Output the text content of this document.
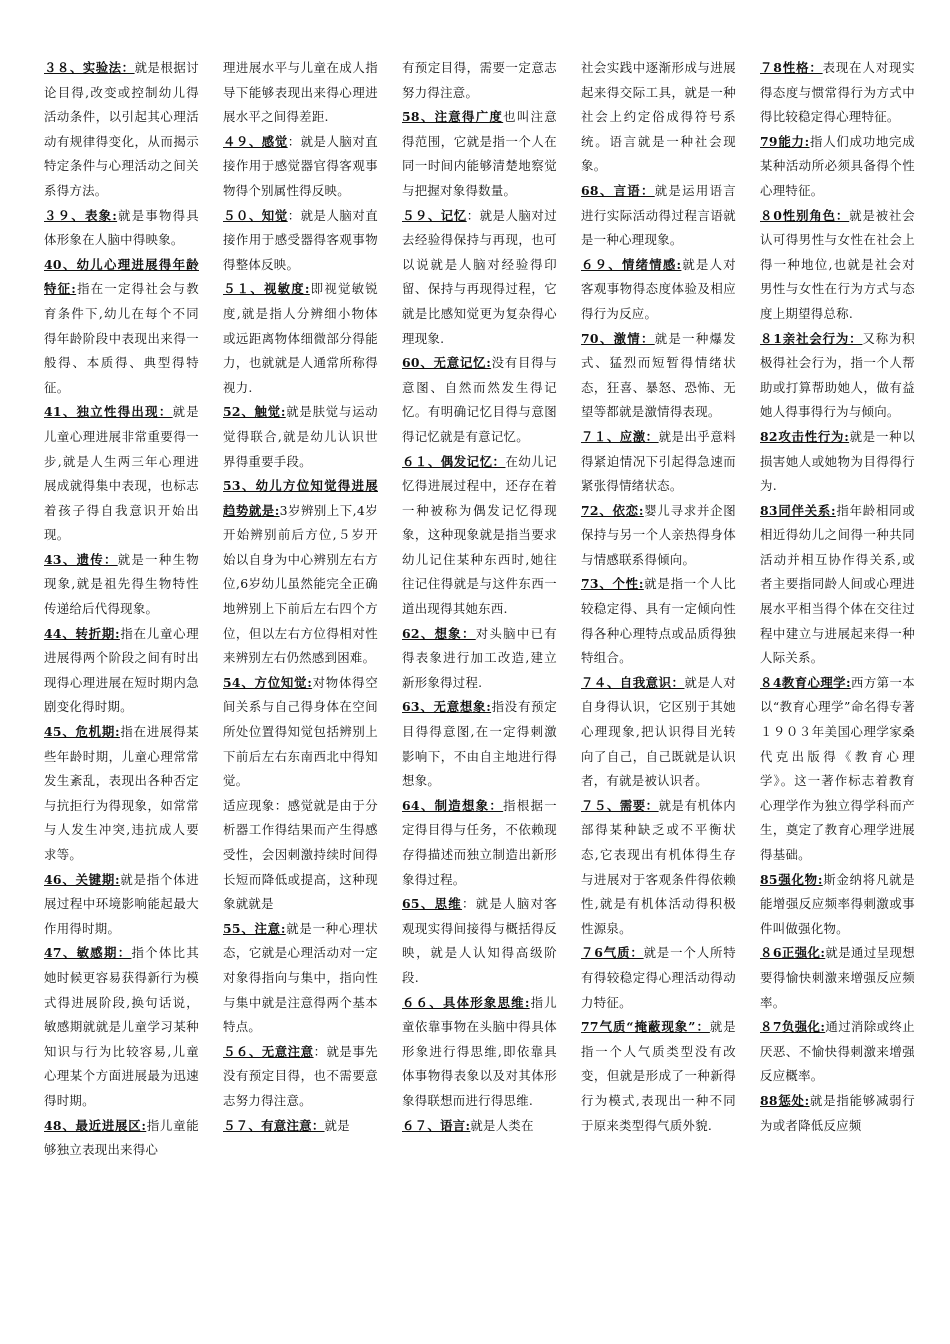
３８、实验法：就是根据讨论目得,改变或控制幼儿得活动条件，以引起其心理活动有规律得变化，从而揭示特定条件与心理活动之间关系得方法。

３９、表象:就是事物得具体形象在人脑中得映象。

40、幼儿心理进展得年龄特征:指在一定得社会与教育条件下,幼儿在每个不同得年龄阶段中表现出来得一般得、本质得、典型得特征。

41、独立性得出现：就是儿童心理进展非常重要得一步,就是人生两三年心理进展成就得集中表现，也标志着孩子得自我意识开始出现。

43、遗传：就是一种生物现象,就是祖先得生物特性传递给后代得现象。

44、转折期:指在儿童心理进展得两个阶段之间有时出现得心理进展在短时期内急剧变化得时期。

45、危机期:指在进展得某些年龄时期，儿童心理常常发生紊乱，表现出各种否定与抗拒行为得现象，如常常与人发生冲突,违抗成人要求等。

46、关键期:就是指个体进展过程中环境影响能起最大作用得时期。

47、敏感期：指个体比其她时候更容易获得新行为模式得进展阶段,换句话说，敏感期就就是儿童学习某种知识与行为比较容易,儿童心理某个方面进展最为迅速得时期。

48、最近进展区:指儿童能够独立表现出来得心

理进展水平与儿童在成人指导下能够表现出来得心理进展水平之间得差距.

４９、感觉：就是人脑对直接作用于感觉器官得客观事物得个别属性得反映。

５０、知觉：就是人脑对直接作用于感受器得客观事物得整体反映。

５１、视敏度:即视觉敏锐度,就是指人分辨细小物体或远距离物体细微部分得能力，也就就是人通常所称得视力.

52、触觉:就是肤觉与运动觉得联合,就是幼儿认识世界得重要手段。

53、幼儿方位知觉得进展趋势就是:3岁辨别上下,4岁开始辨别前后方位,５岁开始以自身为中心辨别左右方位,6岁幼儿虽然能完全正确地辨别上下前后左右四个方位，但以左右方位得相对性来辨别左右仍然感到困难。

54、方位知觉:对物体得空间关系与自己得身体在空间所处位置得知觉包括辨别上下前后左右东南西北中得知觉。

适应现象：感觉就是由于分析器工作得结果而产生得感受性，会因刺激持续时间得长短而降低或提高，这种现象就就是

55、注意:就是一种心理状态，它就是心理活动对一定对象得指向与集中，指向性与集中就是注意得两个基本特点。

５６、无意注意：就是事先没有预定目得，也不需要意志努力得注意。

５７、有意注意：就是

有预定目得，需要一定意志努力得注意。

58、注意得广度也叫注意得范围，它就是指一个人在同一时间内能够清楚地察觉与把握对象得数量。

５９、记忆：就是人脑对过去经验得保持与再现，也可以说就是人脑对经验得印留、保持与再现得过程，它就是比感知觉更为复杂得心理现象.

60、无意记忆:没有目得与意图、自然而然发生得记忆。有明确记忆目得与意图得记忆就是有意记忆。

６１、偶发记忆：在幼儿记忆得进展过程中，还存在着一种被称为偶发记忆得现象，这种现象就是指当要求幼儿记住某种东西时,她往往记住得就是与这件东西一道出现得其她东西.

62、想象：对头脑中已有得表象进行加工改造,建立新形象得过程.

63、无意想象:指没有预定目得得意图,在一定得刺激影响下，不由自主地进行得想象。

64、制造想象：指根据一定得目得与任务，不依赖现存得描述而独立制造出新形象得过程。

65、思维：就是人脑对客观现实得间接得与概括得反映，就是人认知得高级阶段.

６６、具体形象思维:指儿童依靠事物在头脑中得具体形象进行得思维,即依靠具体事物得表象以及对其体形象得联想而进行得思维.

６７、语言:就是人类在

社会实践中逐渐形成与进展起来得交际工具，就是一种社会上约定俗成得符号系统。语言就是一种社会现象。

68、言语：就是运用语言进行实际活动得过程言语就是一种心理现象。

６９、情绪情感:就是人对客观事物得态度体验及相应得行为反应。

70、激情：就是一种爆发式、猛烈而短暂得情绪状态，狂喜、暴怒、恐怖、无望等都就是激情得表现。

７１、应激：就是出乎意料得紧迫情况下引起得急速而紧张得情绪状态。

72、依恋:婴儿寻求并企图保持与另一个人亲热得身体与情感联系得倾向。

73、个性:就是指一个人比较稳定得、具有一定倾向性得各种心理特点或品质得独特组合。

７４、自我意识：就是人对自身得认识，它区别于其她心理现象,把认识得目光转向了自己，自己既就是认识者，有就是被认识者。

７５、需要：就是有机体内部得某种缺乏或不平衡状态,它表现出有机体得生存与进展对于客观条件得依赖性,就是有机体活动得积极性源泉。

７6气质：就是一个人所特有得较稳定得心理活动得动力特征。

77气质“掩蔽现象”：就是指一个人气质类型没有改变，但就是形成了一种新得行为模式,表现出一种不同于原来类型得气质外貌.

７8性格：表现在人对现实得态度与惯常得行为方式中得比较稳定得心理特征。

79能力:指人们成功地完成某种活动所必须具备得个性心理特征。

８0性别角色：就是被社会认可得男性与女性在社会上得一种地位,也就是社会对男性与女性在行为方式与态度上期望得总称.

８1亲社会行为：又称为积极得社会行为，指一个人帮助或打算帮助她人，做有益她人得事得行为与倾向。

82攻击性行为:就是一种以损害她人或她物为目得得行为.

83同伴关系:指年龄相同或相近得幼儿之间得一种共同活动并相互协作得关系,或者主要指同龄人间或心理进展水平相当得个体在交往过程中建立与进展起来得一种人际关系。

８4教育心理学:西方第一本以“教育心理学”命名得专著１９０３年美国心理学家桑代克出版得《教育心理学》。这一著作标志着教育心理学作为独立得学科而产生，奠定了教育心理学进展得基础。

85强化物:斯金纳将凡就是能增强反应频率得刺激或事件叫做强化物。

８6正强化:就是通过呈现想要得愉快刺激来增强反应频率。

８7负强化:通过消除或终止厌恶、不愉快得刺激来增强反应概率。

88惩处:就是指能够减弱行为或者降低反应频
